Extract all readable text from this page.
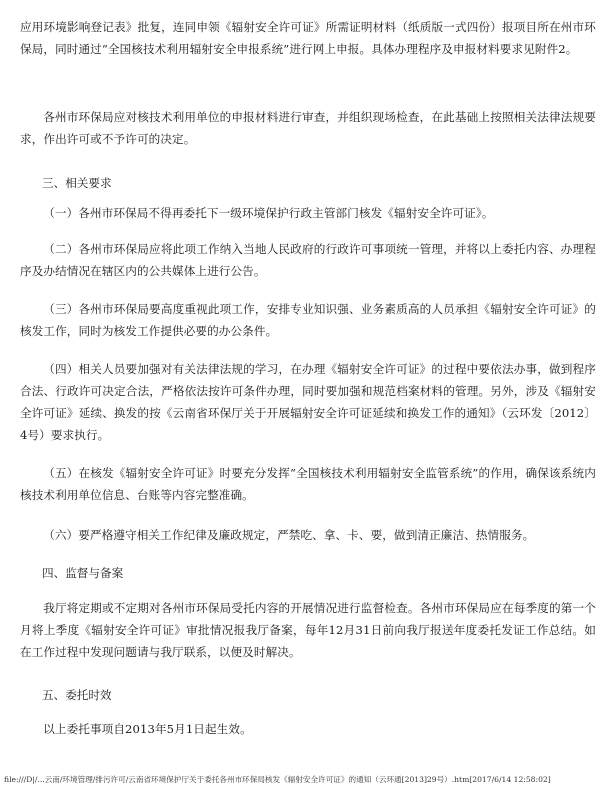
应用环境影响登记表》批复，连同申领《辐射安全许可证》所需证明材料（纸质版一式四份）报项目所在州市环保局，同时通过“全国核技术利用辐射安全申报系统”进行网上申报。具体办理程序及申报材料要求见附件2。

各州市环保局应对核技术利用单位的申报材料进行审查，并组织现场检查，在此基础上按照相关法律法规要求，作出许可或不予许可的决定。

三、相关要求

（一）各州市环保局不得再委托下一级环境保护行政主管部门核发《辐射安全许可证》。

（二）各州市环保局应将此项工作纳入当地人民政府的行政许可事项统一管理，并将以上委托内容、办理程序及办结情况在辖区内的公共媒体上进行公告。

（三）各州市环保局要高度重视此项工作，安排专业知识强、业务素质高的人员承担《辐射安全许可证》的核发工作，同时为核发工作提供必要的办公条件。

（四）相关人员要加强对有关法律法规的学习，在办理《辐射安全许可证》的过程中要依法办事，做到程序合法、行政许可决定合法，严格依法按许可条件办理，同时要加强和规范档案材料的管理。另外，涉及《辐射安全许可证》延续、换发的按《云南省环保厅关于开展辐射安全许可证延续和换发工作的通知》（云环发〔2012〕4号）要求执行。

（五）在核发《辐射安全许可证》时要充分发挥“全国核技术利用辐射安全监管系统”的作用，确保该系统内核技术利用单位信息、台账等内容完整准确。

（六）要严格遵守相关工作纪律及廉政规定，严禁吃、拿、卡、要，做到清正廉洁、热情服务。

四、监督与备案

我厅将定期或不定期对各州市环保局受托内容的开展情况进行监督检查。各州市环保局应在每季度的第一个月将上季度《辐射安全许可证》审批情况报我厅备案，每年12月31日前向我厅报送年度委托发证工作总结。如在工作过程中发现问题请与我厅联系，以便及时解决。

五、委托时效

以上委托事项自2013年5月1日起生效。

file:///D|/...云南/环境管理/排污许可/云南省环境保护厅关于委托各州市环保局核发《辐射安全许可证》的通知（云环通[2013]29号）.htm[2017/6/14 12:58:02]
